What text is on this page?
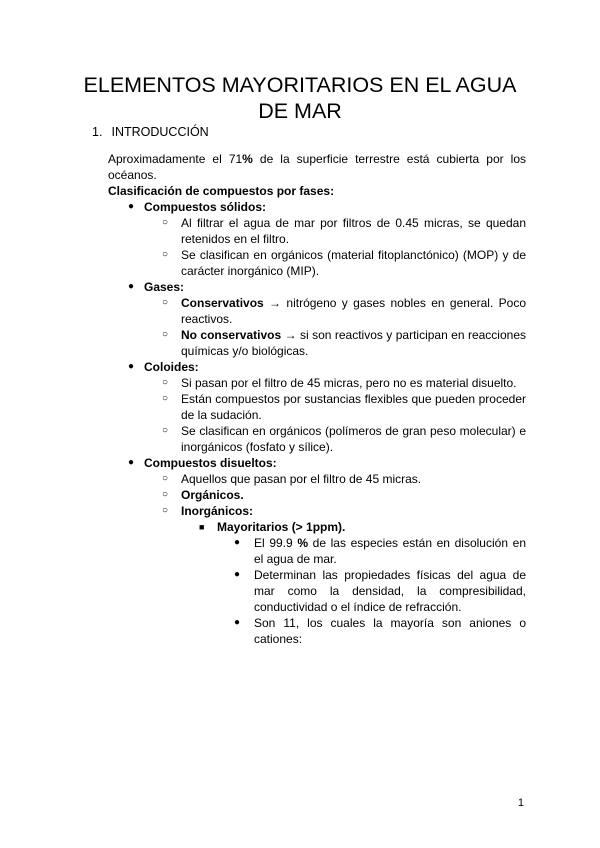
ELEMENTOS MAYORITARIOS EN EL AGUA DE MAR
1. INTRODUCCIÓN
Aproximadamente el 71% de la superficie terrestre está cubierta por los océanos.
Clasificación de compuestos por fases:
● Compuestos sólidos:
○ Al filtrar el agua de mar por filtros de 0.45 micras, se quedan retenidos en el filtro.
○ Se clasifican en orgánicos (material fitoplanctónico) (MOP) y de carácter inorgánico (MIP).
● Gases:
○ Conservativos → nitrógeno y gases nobles en general. Poco reactivos.
○ No conservativos → si son reactivos y participan en reacciones químicas y/o biológicas.
● Coloides:
○ Si pasan por el filtro de 45 micras, pero no es material disuelto.
○ Están compuestos por sustancias flexibles que pueden proceder de la sudación.
○ Se clasifican en orgánicos (polímeros de gran peso molecular) e inorgánicos (fosfato y sílice).
● Compuestos disueltos:
○ Aquellos que pasan por el filtro de 45 micras.
○ Orgánicos.
○ Inorgánicos:
■ Mayoritarios (> 1ppm).
● El 99.9 % de las especies están en disolución en el agua de mar.
● Determinan las propiedades físicas del agua de mar como la densidad, la compresibilidad, conductividad o el índice de refracción.
● Son 11, los cuales la mayoría son aniones o cationes:
1
